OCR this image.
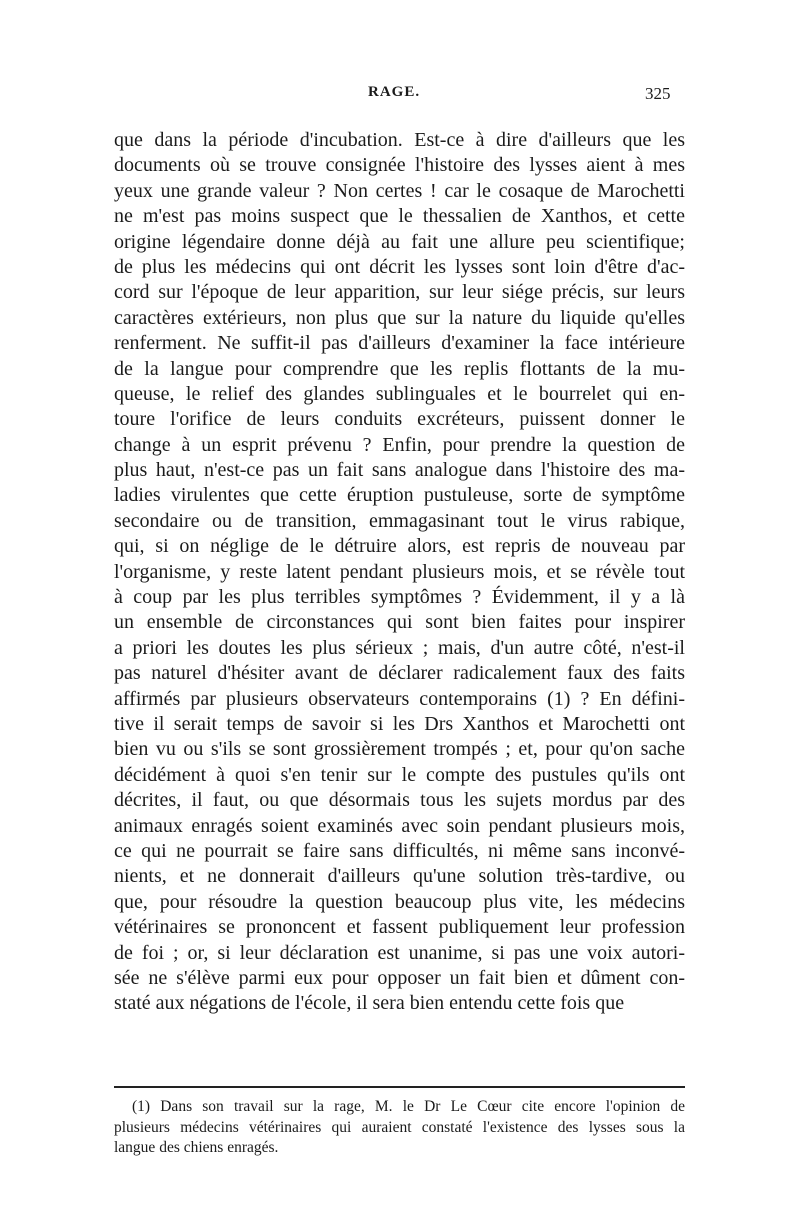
RAGE.	325
que dans la période d'incubation. Est-ce à dire d'ailleurs que les
documents où se trouve consignée l'histoire des lysses aient à mes
yeux une grande valeur ? Non certes ! car le cosaque de Marochetti
ne m'est pas moins suspect que le thessalien de Xanthos, et cette
origine légendaire donne déjà au fait une allure peu scientifique;
de plus les médecins qui ont décrit les lysses sont loin d'être d'ac-
cord sur l'époque de leur apparition, sur leur siége précis, sur leurs
caractères extérieurs, non plus que sur la nature du liquide qu'elles
renferment. Ne suffit-il pas d'ailleurs d'examiner la face intérieure
de la langue pour comprendre que les replis flottants de la mu-
queuse, le relief des glandes sublinguales et le bourrelet qui en-
toure l'orifice de leurs conduits excréteurs, puissent donner le
change à un esprit prévenu ? Enfin, pour prendre la question de
plus haut, n'est-ce pas un fait sans analogue dans l'histoire des ma-
ladies virulentes que cette éruption pustuleuse, sorte de symptôme
secondaire ou de transition, emmagasinant tout le virus rabique,
qui, si on néglige de le détruire alors, est repris de nouveau par
l'organisme, y reste latent pendant plusieurs mois, et se révèle tout
à coup par les plus terribles symptômes ? Évidemment, il y a là
un ensemble de circonstances qui sont bien faites pour inspirer
a priori les doutes les plus sérieux ; mais, d'un autre côté, n'est-il
pas naturel d'hésiter avant de déclarer radicalement faux des faits
affirmés par plusieurs observateurs contemporains (1) ? En défini-
tive il serait temps de savoir si les Drs Xanthos et Marochetti ont
bien vu ou s'ils se sont grossièrement trompés ; et, pour qu'on sache
décidément à quoi s'en tenir sur le compte des pustules qu'ils ont
décrites, il faut, ou que désormais tous les sujets mordus par des
animaux enragés soient examinés avec soin pendant plusieurs mois,
ce qui ne pourrait se faire sans difficultés, ni même sans inconvé-
nients, et ne donnerait d'ailleurs qu'une solution très-tardive, ou
que, pour résoudre la question beaucoup plus vite, les médecins
vétérinaires se prononcent et fassent publiquement leur profession
de foi ; or, si leur déclaration est unanime, si pas une voix autori-
sée ne s'élève parmi eux pour opposer un fait bien et dûment con-
staté aux négations de l'école, il sera bien entendu cette fois que
(1) Dans son travail sur la rage, M. le Dr Le Cœur cite encore l'opinion de
plusieurs médecins vétérinaires qui auraient constaté l'existence des lysses sous la
langue des chiens enragés.
